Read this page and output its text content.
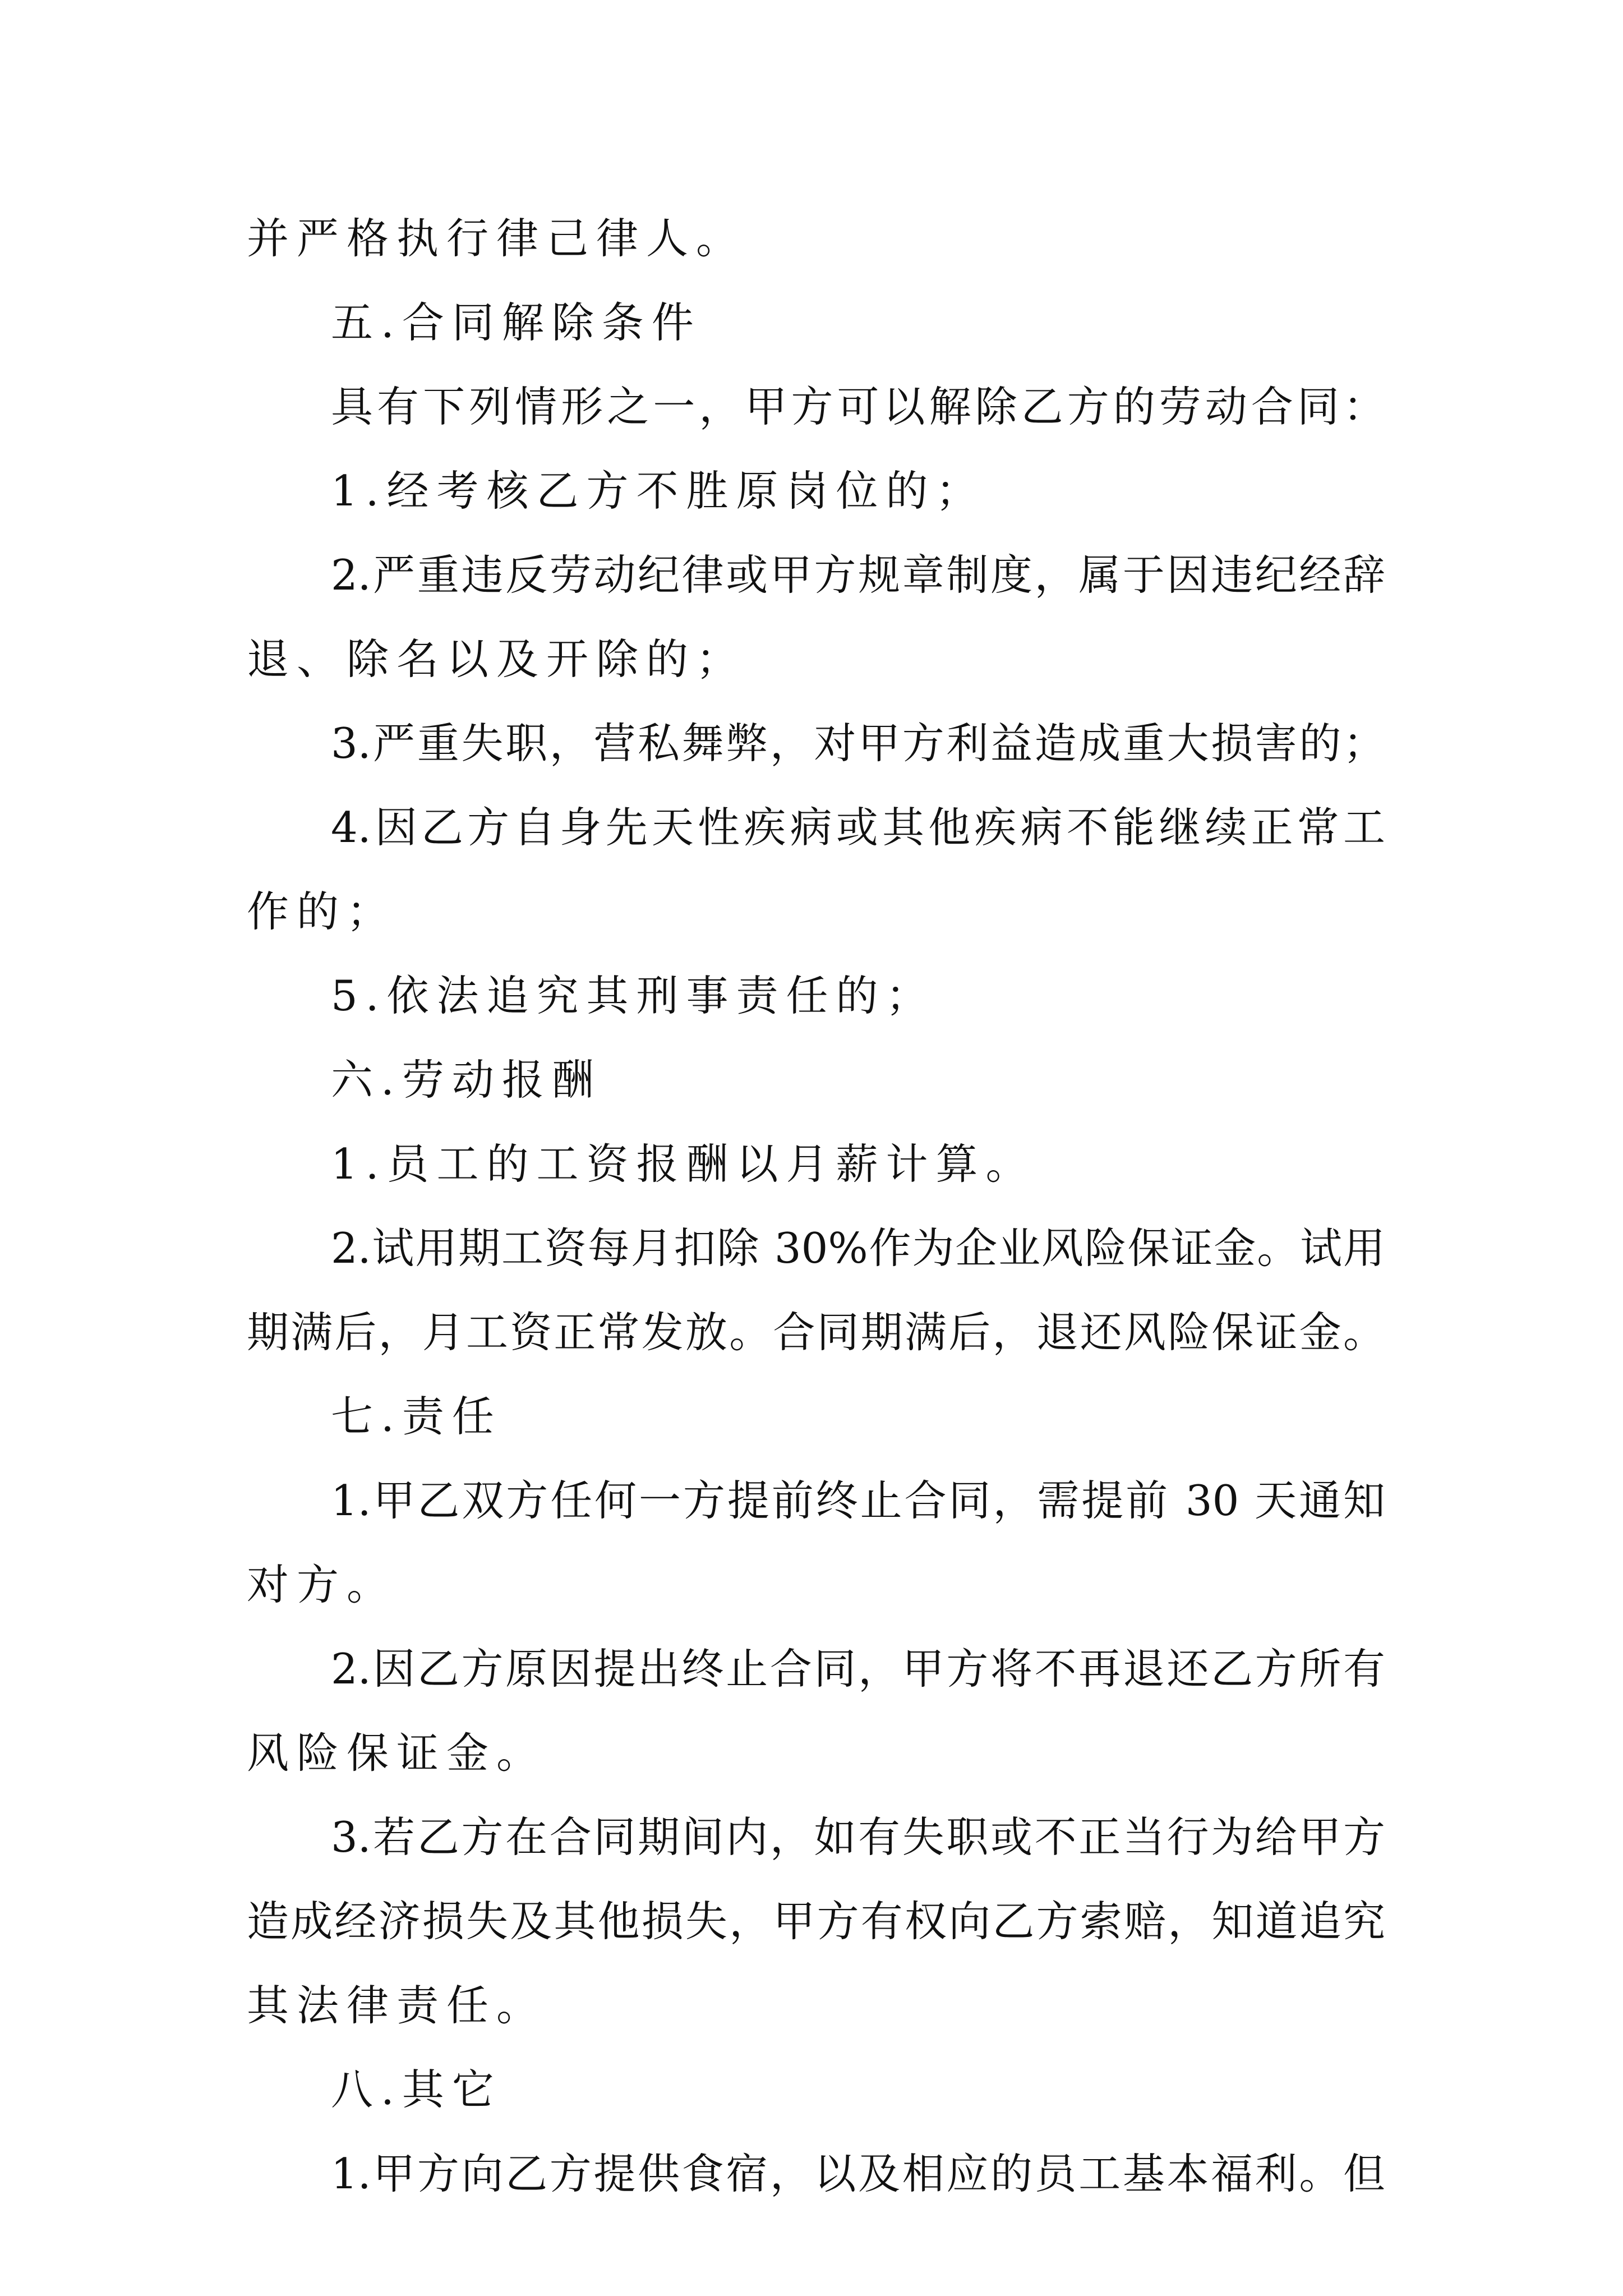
并严格执行律己律人。
五.合同解除条件
具有下列情形之一，甲方可以解除乙方的劳动合同：
1.经考核乙方不胜原岗位的；
2.严重违反劳动纪律或甲方规章制度，属于因违纪经辞
退、除名以及开除的；
3.严重失职，营私舞弊，对甲方利益造成重大损害的；
4.因乙方自身先天性疾病或其他疾病不能继续正常工
作的；
5.依法追究其刑事责任的；
六.劳动报酬
1.员工的工资报酬以月薪计算。
2.试用期工资每月扣除 30%作为企业风险保证金。试用
期满后，月工资正常发放。合同期满后，退还风险保证金。
七.责任
1.甲乙双方任何一方提前终止合同，需提前 30 天通知
对方。
2.因乙方原因提出终止合同，甲方将不再退还乙方所有
风险保证金。
3.若乙方在合同期间内，如有失职或不正当行为给甲方
造成经济损失及其他损失，甲方有权向乙方索赔，知道追究
其法律责任。
八.其它
1.甲方向乙方提供食宿，以及相应的员工基本福利。但
